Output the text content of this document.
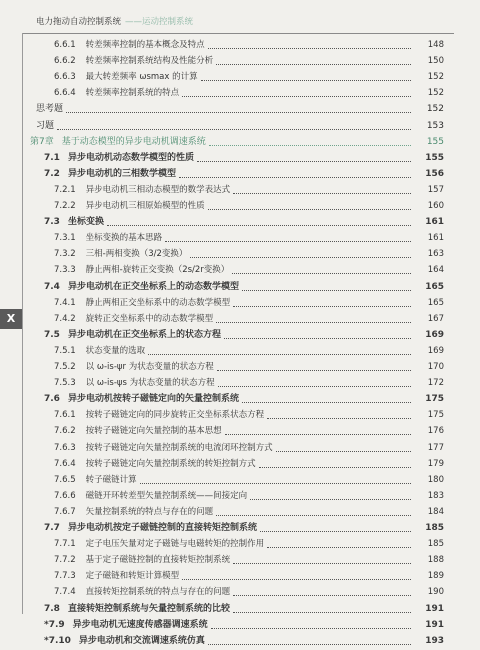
电力拖动自动控制系统 ——运动控制系统
X
6.6.1 转差频率控制的基本概念及特点	148
6.6.2 转差频率控制系统结构及性能分析	150
6.6.3 最大转差频率 ωsmax 的计算	152
6.6.4 转差频率控制系统的特点	152
思考题	152
习题	153
第7章 基于动态模型的异步电动机调速系统	155
7.1 异步电动机动态数学模型的性质	155
7.2 异步电动机的三相数学模型	156
7.2.1 异步电动机三相动态模型的数学表达式	157
7.2.2 异步电动机三相原始模型的性质	160
7.3 坐标变换	161
7.3.1 坐标变换的基本思路	161
7.3.2 三相-两相变换（3/2变换）	163
7.3.3 静止两相-旋转正交变换（2s/2r变换）	164
7.4 异步电动机在正交坐标系上的动态数学模型	165
7.4.1 静止两相正交坐标系中的动态数学模型	165
7.4.2 旋转正交坐标系中的动态数学模型	167
7.5 异步电动机在正交坐标系上的状态方程	169
7.5.1 状态变量的选取	169
7.5.2 以 ω-is-ψr 为状态变量的状态方程	170
7.5.3 以 ω-is-ψs 为状态变量的状态方程	172
7.6 异步电动机按转子磁链定向的矢量控制系统	175
7.6.1 按转子磁链定向的同步旋转正交坐标系状态方程	175
7.6.2 按转子磁链定向矢量控制的基本思想	176
7.6.3 按转子磁链定向矢量控制系统的电流闭环控制方式	177
7.6.4 按转子磁链定向矢量控制系统的转矩控制方式	179
7.6.5 转子磁链计算	180
7.6.6 磁链开环转差型矢量控制系统——间接定向	183
7.6.7 矢量控制系统的特点与存在的问题	184
7.7 异步电动机按定子磁链控制的直接转矩控制系统	185
7.7.1 定子电压矢量对定子磁链与电磁转矩的控制作用	185
7.7.2 基于定子磁链控制的直接转矩控制系统	188
7.7.3 定子磁链和转矩计算模型	189
7.7.4 直接转矩控制系统的特点与存在的问题	190
7.8 直接转矩控制系统与矢量控制系统的比较	191
*7.9 异步电动机无速度传感器调速系统	191
*7.10 异步电动机和交流调速系统仿真	193
